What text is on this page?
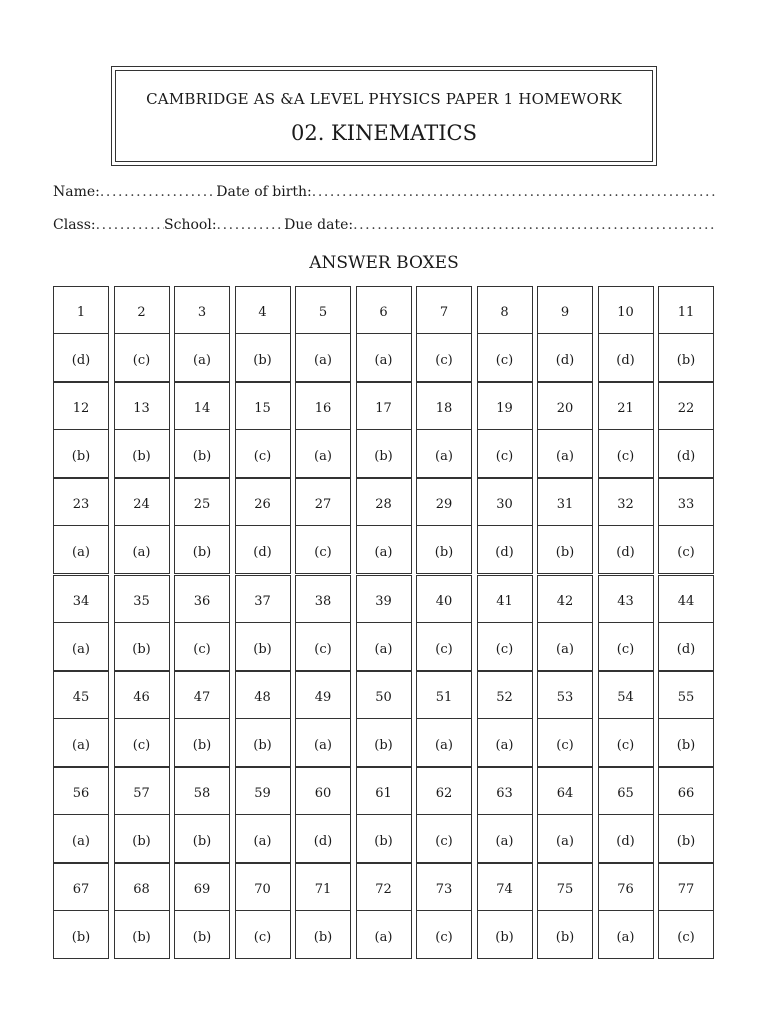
CAMBRIDGE AS &A LEVEL PHYSICS PAPER 1 HOMEWORK
02. KINEMATICS
Name: .....	Date of birth:
.....
Class: .....	School: .....	Due date:
.....
ANSWER BOXES
1
(d)
2
(c)
3
(a)
4
(b)
5
(a)
6
(a)
7
(c)
8
(c)
9
(d)
10
(d)
11
(b)
12
(b)
13
(b)
14
(b)
15
(c)
16
(a)
17
(b)
18
(a)
19
(c)
20
(a)
21
(c)
22
(d)
23
(a)
24
(a)
25
(b)
26
(d)
27
(c)
28
(a)
29
(b)
30
(d)
31
(b)
32
(d)
33
(c)
34
(a)
35
(b)
36
(c)
37
(b)
38
(c)
39
(a)
40
(c)
41
(c)
42
(a)
43
(c)
44
(d)
45
(a)
46
(c)
47
(b)
48
(b)
49
(a)
50
(b)
51
(a)
52
(a)
53
(c)
54
(c)
55
(b)
56
(a)
57
(b)
58
(b)
59
(a)
60
(d)
61
(b)
62
(c)
63
(a)
64
(a)
65
(d)
66
(b)
67
(b)
68
(b)
69
(b)
70
(c)
71
(b)
72
(a)
73
(c)
74
(b)
75
(b)
76
(a)
77
(c)
